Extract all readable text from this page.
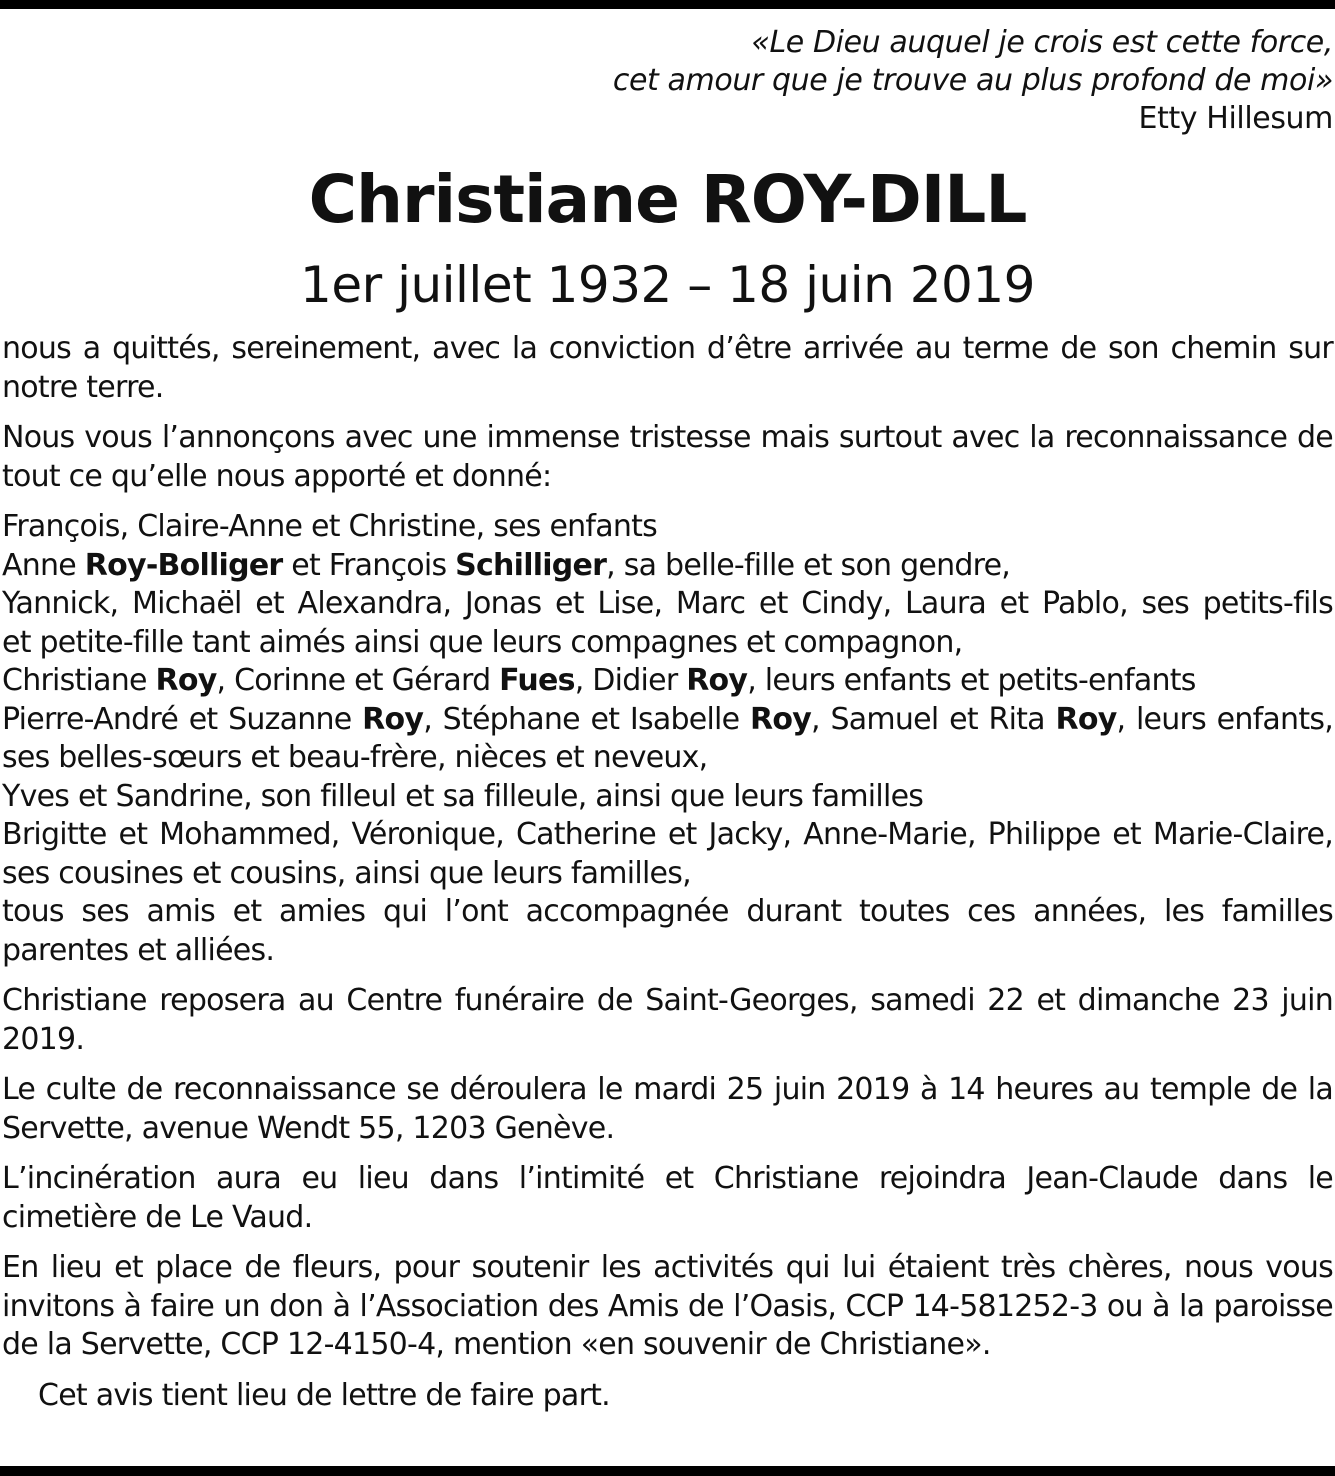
«Le Dieu auquel je crois est cette force,
cet amour que je trouve au plus profond de moi»
Etty Hillesum
Christiane ROY-DILL
1er juillet 1932 – 18 juin 2019

nous a quittés, sereinement, avec la conviction d’être arrivée au terme de son chemin sur notre terre.

Nous vous l’annonçons avec une immense tristesse mais surtout avec la reconnaissance de tout ce qu’elle nous apporté et donné:

François, Claire-Anne et Christine, ses enfants
Anne Roy-Bolliger et François Schilliger, sa belle-fille et son gendre,
Yannick, Michaël et Alexandra, Jonas et Lise, Marc et Cindy, Laura et Pablo, ses petits-fils
et petite-fille tant aimés ainsi que leurs compagnes et compagnon,
Christiane Roy, Corinne et Gérard Fues, Didier Roy, leurs enfants et petits-enfants
Pierre-André et Suzanne Roy, Stéphane et Isabelle Roy, Samuel et Rita Roy, leurs enfants,
ses belles-sœurs et beau-frère, nièces et neveux,
Yves et Sandrine, son filleul et sa filleule, ainsi que leurs familles
Brigitte et Mohammed, Véronique, Catherine et Jacky, Anne-Marie, Philippe et Marie-Claire,
ses cousines et cousins, ainsi que leurs familles,
tous ses amis et amies qui l’ont accompagnée durant toutes ces années, les familles parentes et alliées.

Christiane reposera au Centre funéraire de Saint-Georges, samedi 22 et dimanche 23 juin 2019.

Le culte de reconnaissance se déroulera le mardi 25 juin 2019 à 14 heures au temple de la Servette, avenue Wendt 55, 1203 Genève.

L’incinération aura eu lieu dans l’intimité et Christiane rejoindra Jean-Claude dans le cimetière de Le Vaud.

En lieu et place de fleurs, pour soutenir les activités qui lui étaient très chères, nous vous invitons à faire un don à l’Association des Amis de l’Oasis, CCP 14-581252-3 ou à la paroisse de la Servette, CCP 12-4150-4, mention «en souvenir de Christiane».

Cet avis tient lieu de lettre de faire part.
